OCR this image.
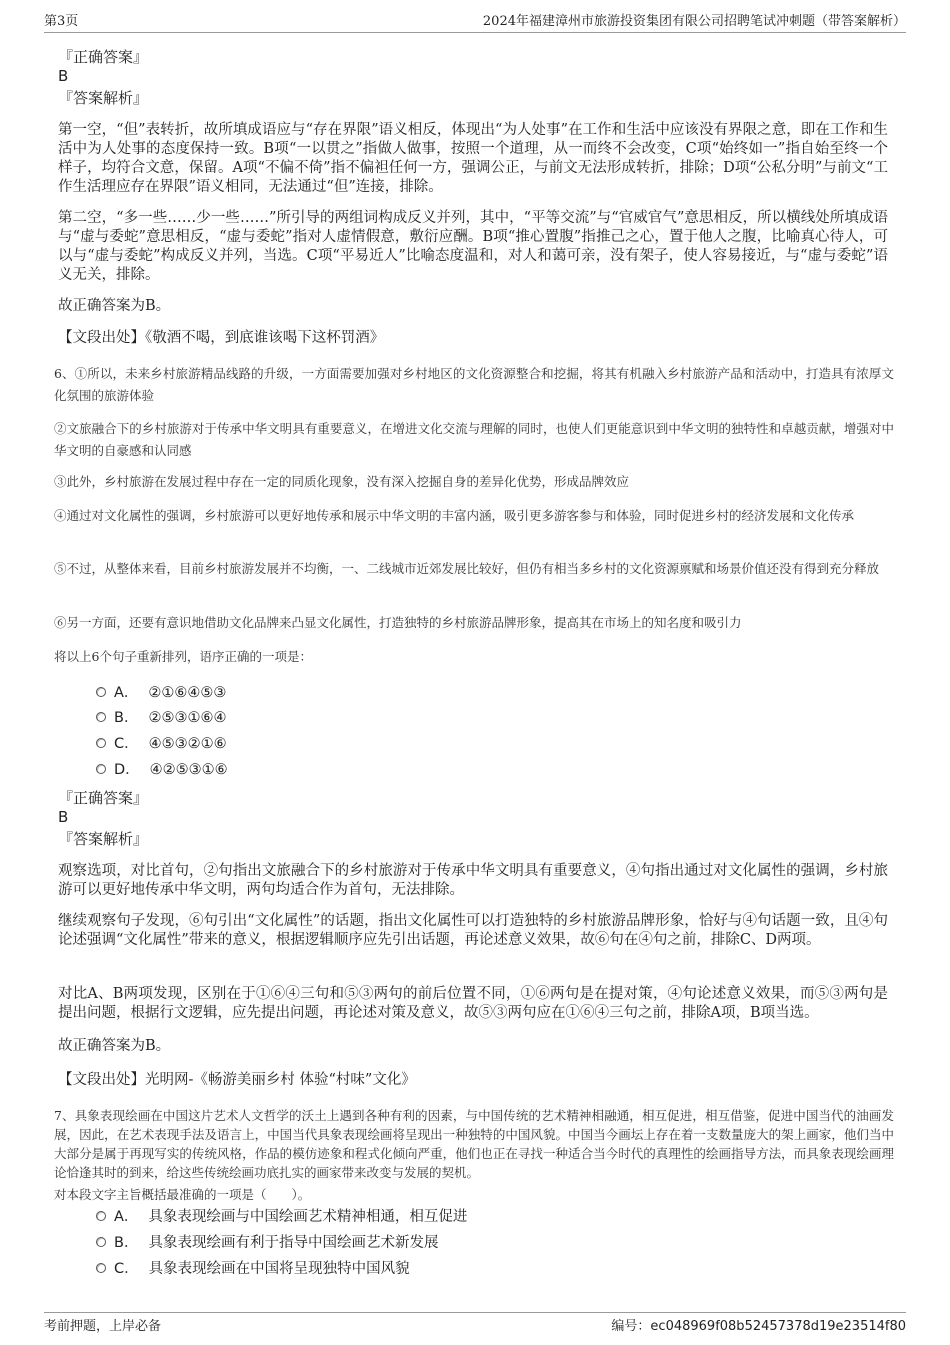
第3页	2024年福建漳州市旅游投资集团有限公司招聘笔试冲刺题（带答案解析）
『正确答案』
B
『答案解析』

第一空，“但”表转折，故所填成语应与“存在界限”语义相反，体现出“为人处事”在工作和生活中应该没有界限之意，即在工作和生活中为人处事的态度保持一致。B项“一以贯之”指做人做事，按照一个道理，从一而终不会改变，C项“始终如一”指自始至终一个样子，均符合文意，保留。A项“不偏不倚”指不偏袒任何一方，强调公正，与前文无法形成转折，排除；D项“公私分明”与前文“工作生活理应存在界限”语义相同，无法通过“但”连接，排除。

第二空，“多一些……少一些……”所引导的两组词构成反义并列，其中，“平等交流”与“官威官气”意思相反，所以横线处所填成语与“虚与委蛇”意思相反，“虚与委蛇”指对人虚情假意，敷衍应酬。B项“推心置腹”指推己之心，置于他人之腹，比喻真心待人，可以与“虚与委蛇”构成反义并列，当选。C项“平易近人”比喻态度温和，对人和蔼可亲，没有架子，使人容易接近，与“虚与委蛇”语义无关，排除。

故正确答案为B。

【文段出处】《敬酒不喝，到底谁该喝下这杯罚酒》

6、①所以，未来乡村旅游精品线路的升级，一方面需要加强对乡村地区的文化资源整合和挖掘，将其有机融入乡村旅游产品和活动中，打造具有浓厚文化氛围的旅游体验

②文旅融合下的乡村旅游对于传承中华文明具有重要意义，在增进文化交流与理解的同时，也使人们更能意识到中华文明的独特性和卓越贡献，增强对中华文明的自豪感和认同感

③此外，乡村旅游在发展过程中存在一定的同质化现象，没有深入挖掘自身的差异化优势，形成品牌效应

④通过对文化属性的强调，乡村旅游可以更好地传承和展示中华文明的丰富内涵，吸引更多游客参与和体验，同时促进乡村的经济发展和文化传承

⑤不过，从整体来看，目前乡村旅游发展并不均衡，一、二线城市近郊发展比较好，但仍有相当多乡村的文化资源禀赋和场景价值还没有得到充分释放

⑥另一方面，还要有意识地借助文化品牌来凸显文化属性，打造独特的乡村旅游品牌形象，提高其在市场上的知名度和吸引力

将以上6个句子重新排列，语序正确的一项是：

A． ②①⑥④⑤③
B． ②⑤③①⑥④
C． ④⑤③②①⑥
D． ④②⑤③①⑥
『正确答案』
B
『答案解析』

观察选项，对比首句，②句指出文旅融合下的乡村旅游对于传承中华文明具有重要意义，④句指出通过对文化属性的强调，乡村旅游可以更好地传承中华文明，两句均适合作为首句，无法排除。

继续观察句子发现，⑥句引出“文化属性”的话题，指出文化属性可以打造独特的乡村旅游品牌形象，恰好与④句话题一致，且④句论述强调“文化属性”带来的意义，根据逻辑顺序应先引出话题，再论述意义效果，故⑥句在④句之前，排除C、D两项。

对比A、B两项发现，区别在于①⑥④三句和⑤③两句的前后位置不同，①⑥两句是在提对策，④句论述意义效果，而⑤③两句是提出问题，根据行文逻辑，应先提出问题，再论述对策及意义，故⑤③两句应在①⑥④三句之前，排除A项，B项当选。

故正确答案为B。

【文段出处】光明网-《畅游美丽乡村 体验“村味”文化》

7、具象表现绘画在中国这片艺术人文哲学的沃土上遇到各种有利的因素，与中国传统的艺术精神相融通，相互促进，相互借鉴，促进中国当代的油画发展，因此，在艺术表现手法及语言上，中国当代具象表现绘画将呈现出一种独特的中国风貌。中国当今画坛上存在着一支数量庞大的架上画家，他们当中大部分是属于再现写实的传统风格，作品的模仿迹象和程式化倾向严重，他们也正在寻找一种适合当今时代的真理性的绘画指导方法，而具象表现绘画理论恰逢其时的到来，给这些传统绘画功底扎实的画家带来改变与发展的契机。

对本段文字主旨概括最准确的一项是（　　）。

A． 具象表现绘画与中国绘画艺术精神相通，相互促进
B． 具象表现绘画有利于指导中国绘画艺术新发展
C． 具象表现绘画在中国将呈现独特中国风貌
考前押题，上岸必备	编号：ec048969f08b52457378d19e23514f80
